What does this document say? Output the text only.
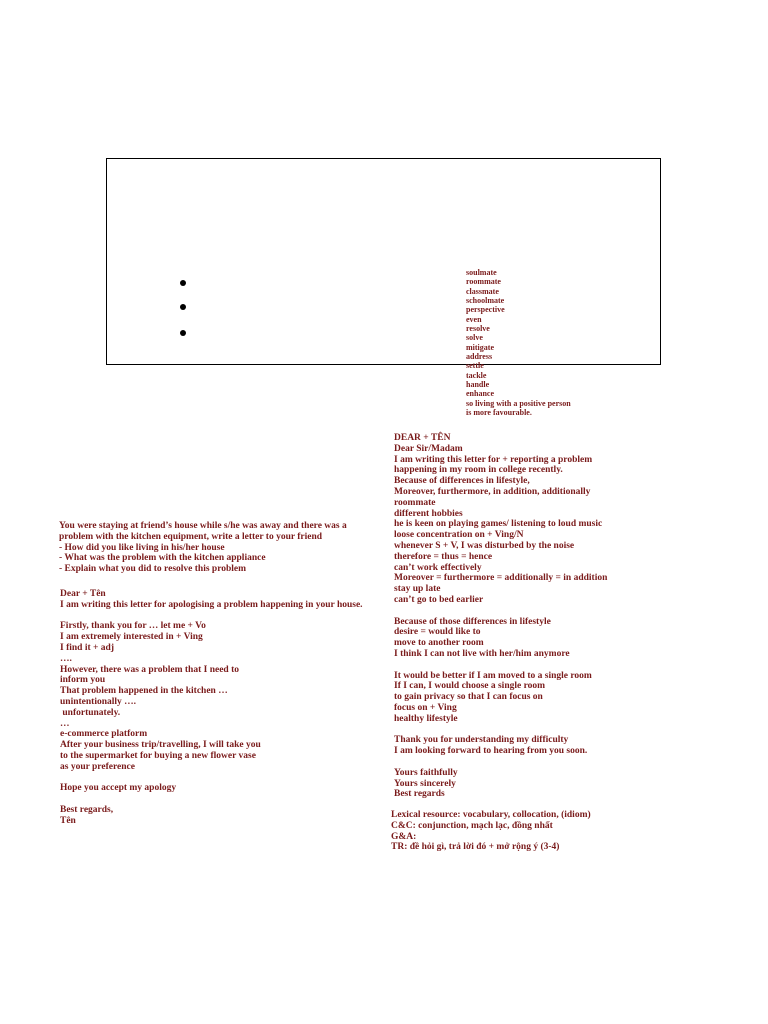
soulmate
roommate
classmate
schoolmate
perspective
even
resolve
solve
mitigate
address
settle
tackle
handle
enhance
so living with a positive person
is more favourable.
You were staying at friend’s house while s/he was away and there was a
problem with the kitchen equipment, write a letter to your friend
- How did you like living in his/her house
- What was the problem with the kitchen appliance
- Explain what you did to resolve this problem
Dear + Tên
I am writing this letter for apologising a problem happening in your house.
Firstly, thank you for … let me + Vo
I am extremely interested in + Ving
I find it + adj
….
However, there was a problem that I need to
inform you
That problem happened in the kitchen …
unintentionally ….
unfortunately.
…
e-commerce platform
After your business trip/travelling, I will take you
to the supermarket for buying a new flower vase
as your preference
Hope you accept my apology
Best regards,
Tên
DEAR + TÊN
Dear Sir/Madam
I am writing this letter for + reporting a problem
happening in my room in college recently.
Because of differences in lifestyle,
Moreover, furthermore, in addition, additionally
roommate
different hobbies
he is keen on playing games/ listening to loud music
loose concentration on + Ving/N
whenever S + V, I was disturbed by the noise
therefore = thus = hence
can’t work effectively
Moreover = furthermore = additionally = in addition
stay up late
can’t go to bed earlier
Because of those differences in lifestyle
desire = would like to
move to another room
I think I can not live with her/him anymore
It would be better if I am moved to a single room
If I can, I would choose a single room
to gain privacy so that I can focus on
focus on + Ving
healthy lifestyle
Thank you for understanding my difficulty
I am looking forward to hearing from you soon.
Yours faithfully
Yours sincerely
Best regards
Lexical resource: vocabulary, collocation, (idiom)
C&C: conjunction, mạch lạc, đồng nhất
G&A:
TR: đề hỏi gì, trả lời đó + mở rộng ý (3-4)
